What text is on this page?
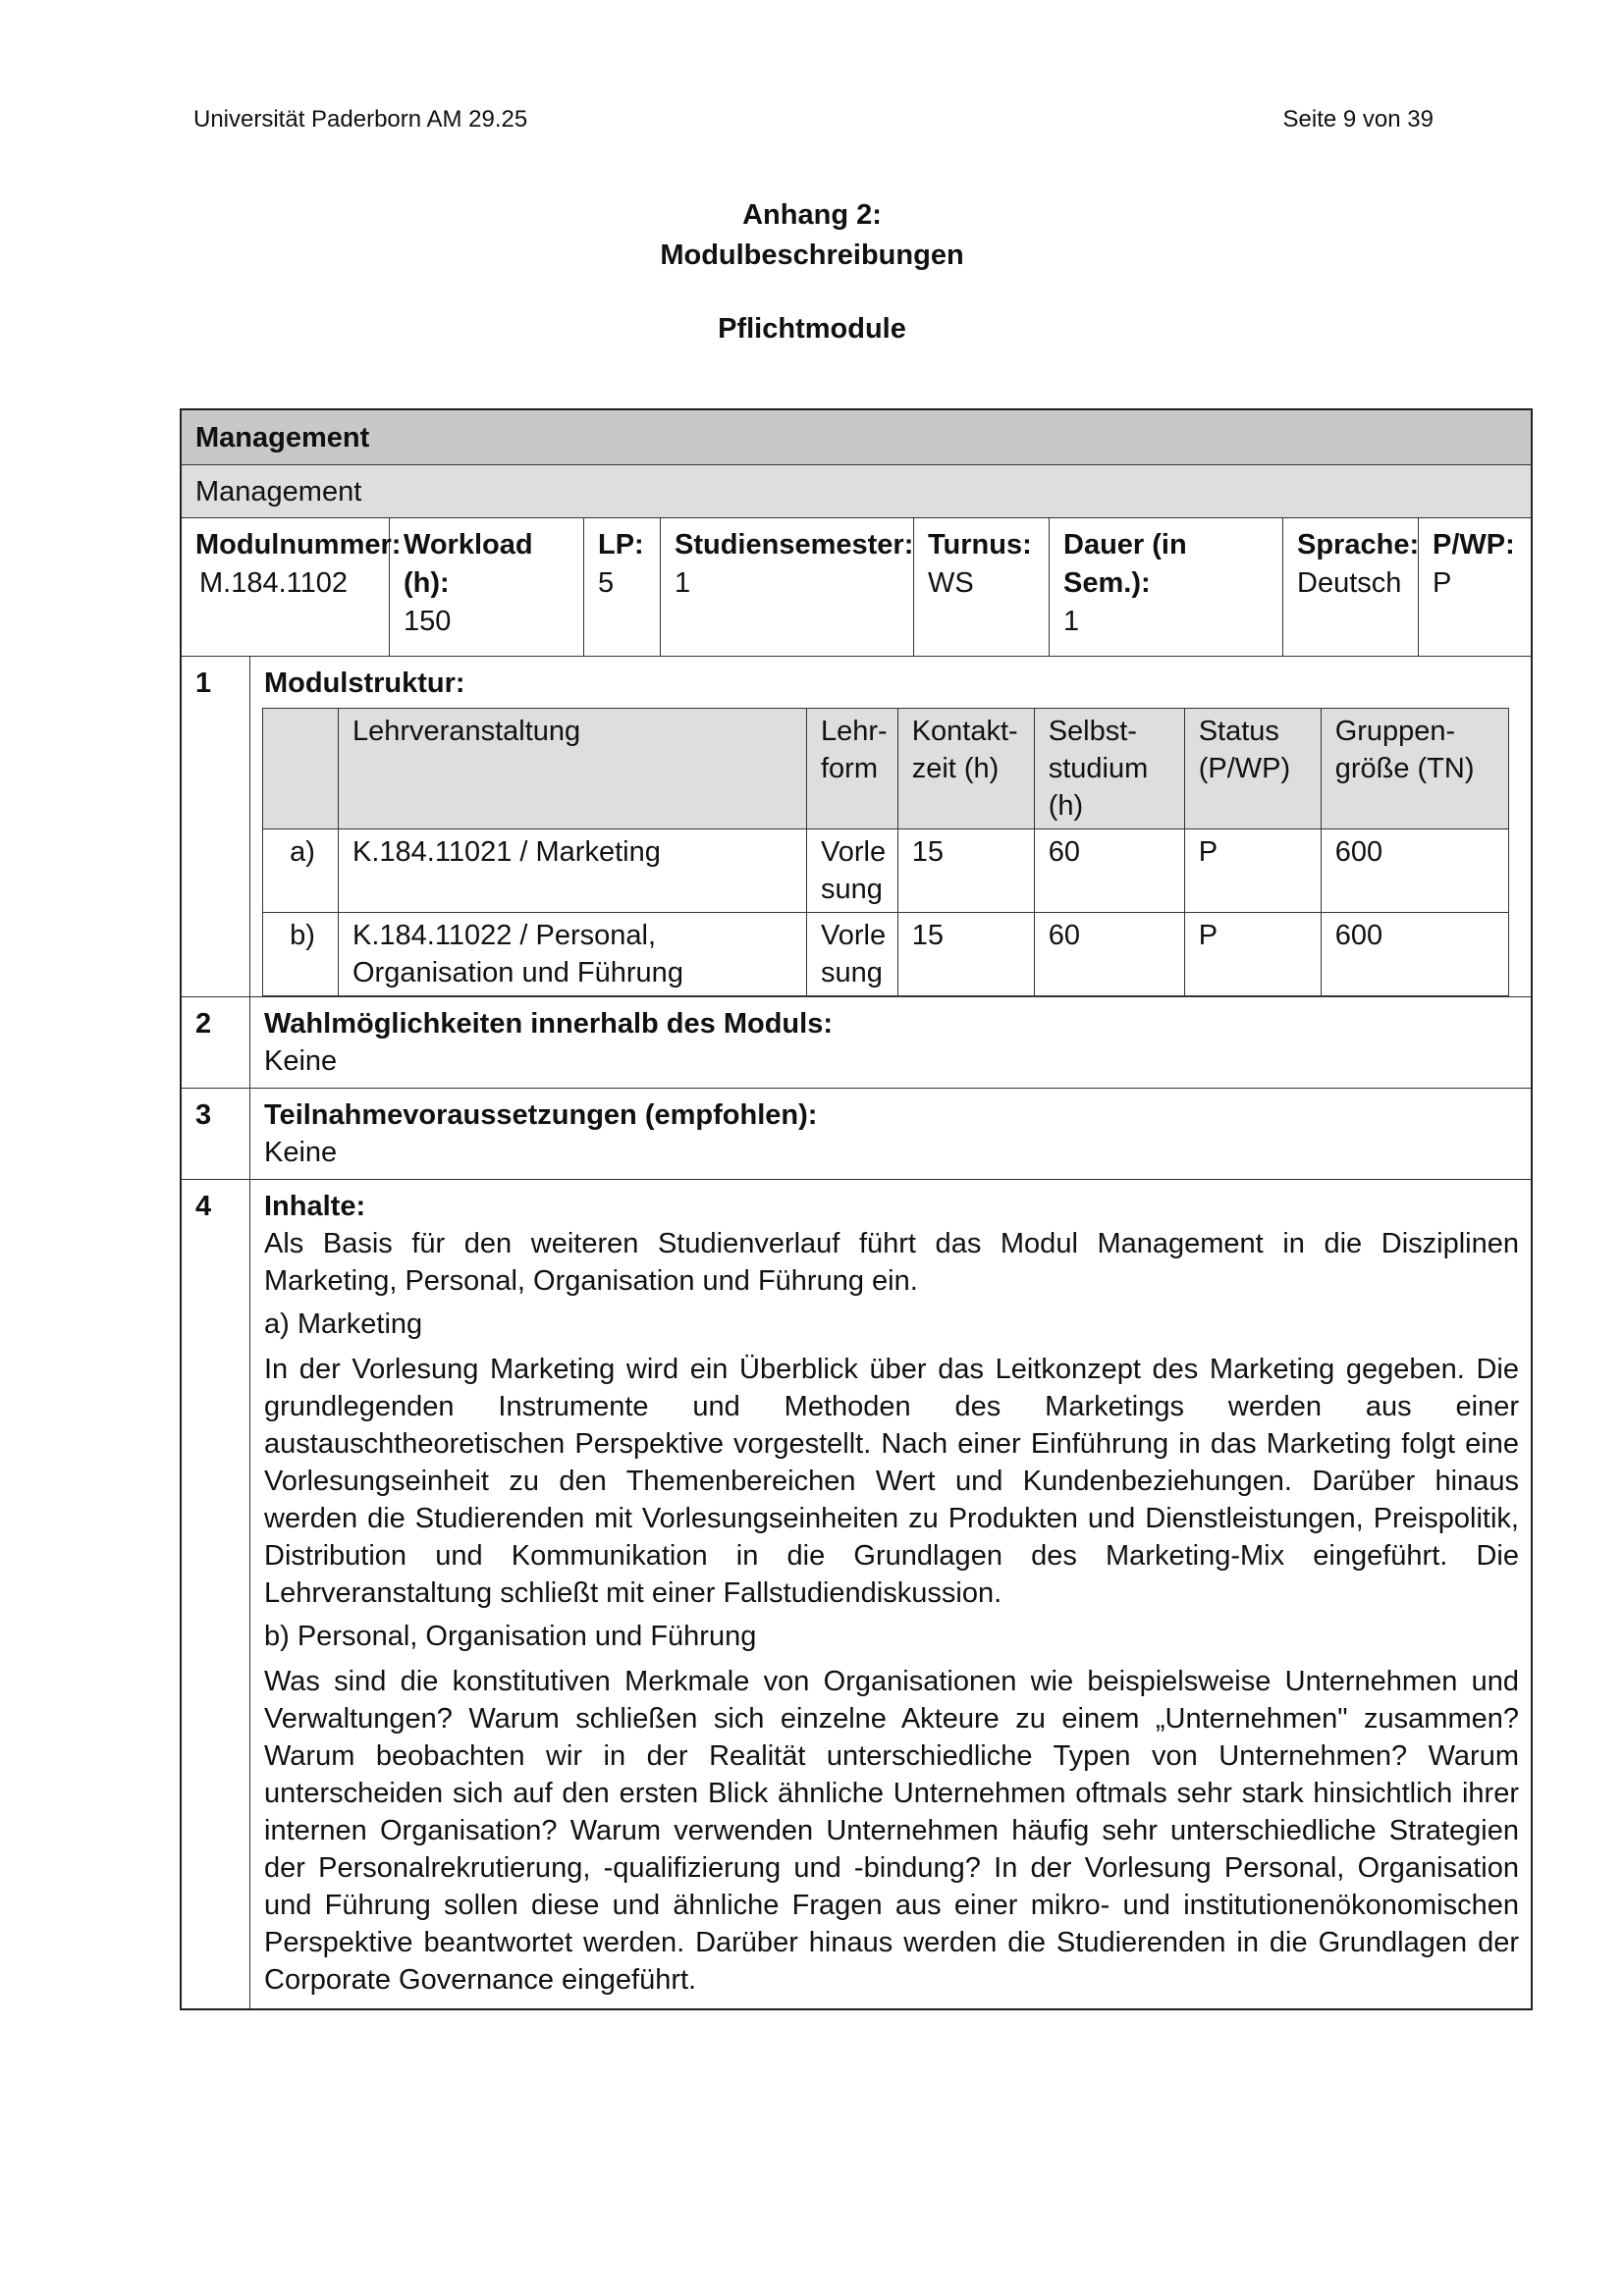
Universität Paderborn AM 29.25	Seite 9 von 39
Anhang 2:
Modulbeschreibungen
Pflichtmodule
Management
Management
Modulnummer:
M.184.1102
Workload (h):
150
LP:
5
Studiensemester:
1
Turnus:
WS
Dauer (in Sem.):
1
Sprache:
Deutsch
P/WP:
P
1	Modulstruktur:
	Lehrveranstaltung	Lehr-form	Kontakt-zeit (h)	Selbst-studium (h)	Status (P/WP)	Gruppen-größe (TN)
a)	K.184.11021 / Marketing	Vorle sung	15	60	P	600
b)	K.184.11022 / Personal, Organisation und Führung	Vorle sung	15	60	P	600
2	Wahlmöglichkeiten innerhalb des Moduls:
Keine
3	Teilnahmevoraussetzungen (empfohlen):
Keine
4	Inhalte:

Als Basis für den weiteren Studienverlauf führt das Modul Management in die Disziplinen Marketing, Personal, Organisation und Führung ein.

a) Marketing

In der Vorlesung Marketing wird ein Überblick über das Leitkonzept des Marketing gegeben. Die grundlegenden Instrumente und Methoden des Marketings werden aus einer austauschtheoretischen Perspektive vorgestellt. Nach einer Einführung in das Marketing folgt eine Vorlesungseinheit zu den Themenbereichen Wert und Kundenbeziehungen. Darüber hinaus werden die Studierenden mit Vorlesungseinheiten zu Produkten und Dienstleistungen, Preispolitik, Distribution und Kommunikation in die Grundlagen des Marketing-Mix eingeführt. Die Lehrveranstaltung schließt mit einer Fallstudiendiskussion.

b) Personal, Organisation und Führung

Was sind die konstitutiven Merkmale von Organisationen wie beispielsweise Unternehmen und Verwaltungen? Warum schließen sich einzelne Akteure zu einem „Unternehmen" zusammen? Warum beobachten wir in der Realität unterschiedliche Typen von Unternehmen? Warum unterscheiden sich auf den ersten Blick ähnliche Unternehmen oftmals sehr stark hinsichtlich ihrer internen Organisation? Warum verwenden Unternehmen häufig sehr unterschiedliche Strategien der Personalrekrutierung, -qualifizierung und -bindung? In der Vorlesung Personal, Organisation und Führung sollen diese und ähnliche Fragen aus einer mikro- und institutionenökonomischen Perspektive beantwortet werden. Darüber hinaus werden die Studierenden in die Grundlagen der Corporate Governance eingeführt.
